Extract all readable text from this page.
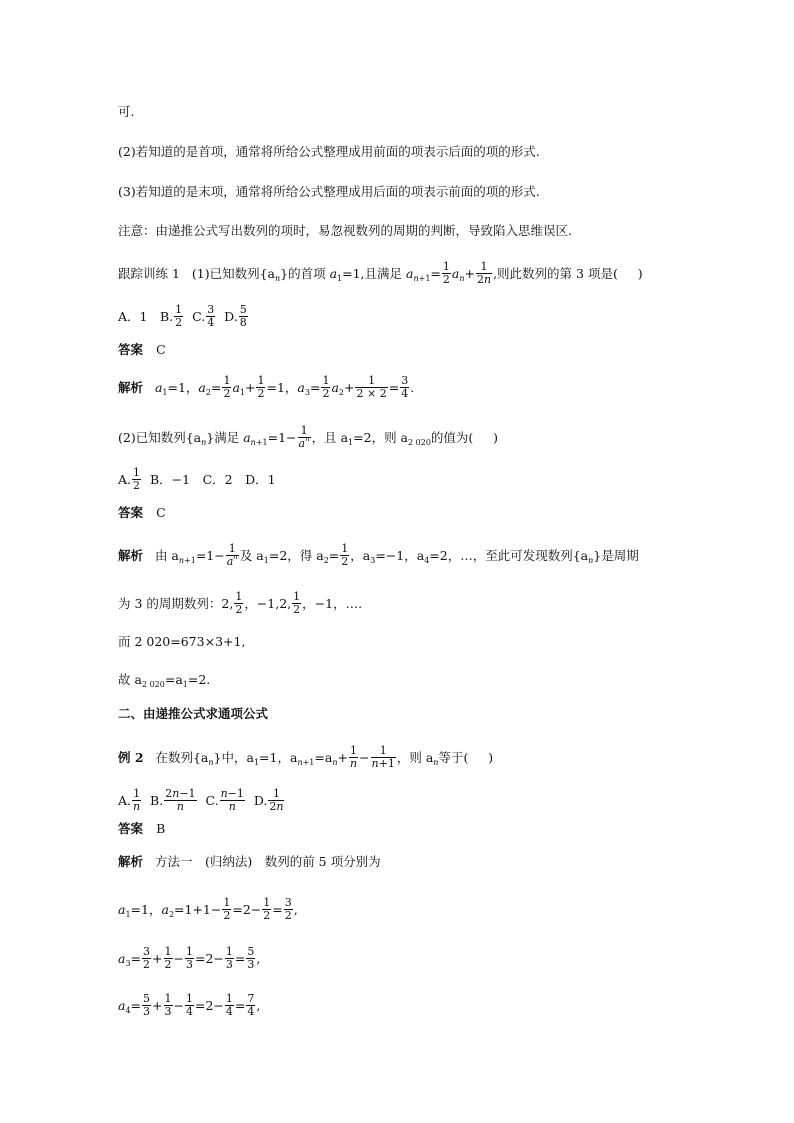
可.
(2)若知道的是首项，通常将所给公式整理成用前面的项表示后面的项的形式.
(3)若知道的是末项，通常将所给公式整理成用后面的项表示前面的项的形式.
注意：由递推公式写出数列的项时，易忽视数列的周期的判断，导致陷入思维误区.
跟踪训练 1 (1)已知数列$\{a_n\}$的首项 $a_1=1$,且满足 $a_{n+1}= \frac{1}{2} a_n+ \frac{1}{2n}$ ,则此数列的第 3 项是(     )
A．1　B. $\frac{1}{2} C$. $\frac{3}{4} D$. $\frac{5}{8}$
答案 C
解析 $a_1=1$，$a_2= \frac{1}{2} a_1+ \frac{1}{2} =1$，$a_3= \frac{1}{2} a_2+ \frac{1}{2 \times 2} = \frac{3}{4}$ .
(2)已知数列$\{a_n\}$满足 $a_{n+1}=1- \frac{1}{a^n}$ ，且 $a_1=2$，则 $a_{2 020}$的值为(     )
A. $\frac{1}{2}$ B．−1　C．2　D．1
答案 C
解析 由 $a_{n+1}=1- \frac{1}{a^n}$ 及 $a_1=2$，得 $a_2= \frac{1}{2}$ ，$a_3=-1$，$a_4=2$，…，至此可发现数列$\{a_n\}$是周期
为 3 的周期数列：2, $\frac{1}{2}$ ，−1,2, $\frac{1}{2}$ ，−1，….
而 2 020=673×3+1,
故 $a_{2 020}=a_1=2$.
二、由递推公式求通项公式
例 2 在数列$\{a_n\}$中，$a_1=1$，$a_{n+1}=a_n+ \frac{1}{n} - \frac{1}{n+1}$ ，则 $a_n$等于(     )
A. $\frac{1}{n} B$. $\frac{2n-1}{n} C$. $\frac{n-1}{n} D$. $\frac{1}{2n}$
答案 B
解析 方法一　(归纳法)　数列的前 5 项分别为
$a_1=1$，$a_2=1+1- \frac{1}{2} =2- \frac{1}{2} = \frac{3}{2}$ ,
$a_3= \frac{3}{2} + \frac{1}{2} - \frac{1}{3} =2- \frac{1}{3} = \frac{5}{3}$ ,
$a_4= \frac{5}{3} + \frac{1}{3} - \frac{1}{4} =2- \frac{1}{4} = \frac{7}{4}$ ,
